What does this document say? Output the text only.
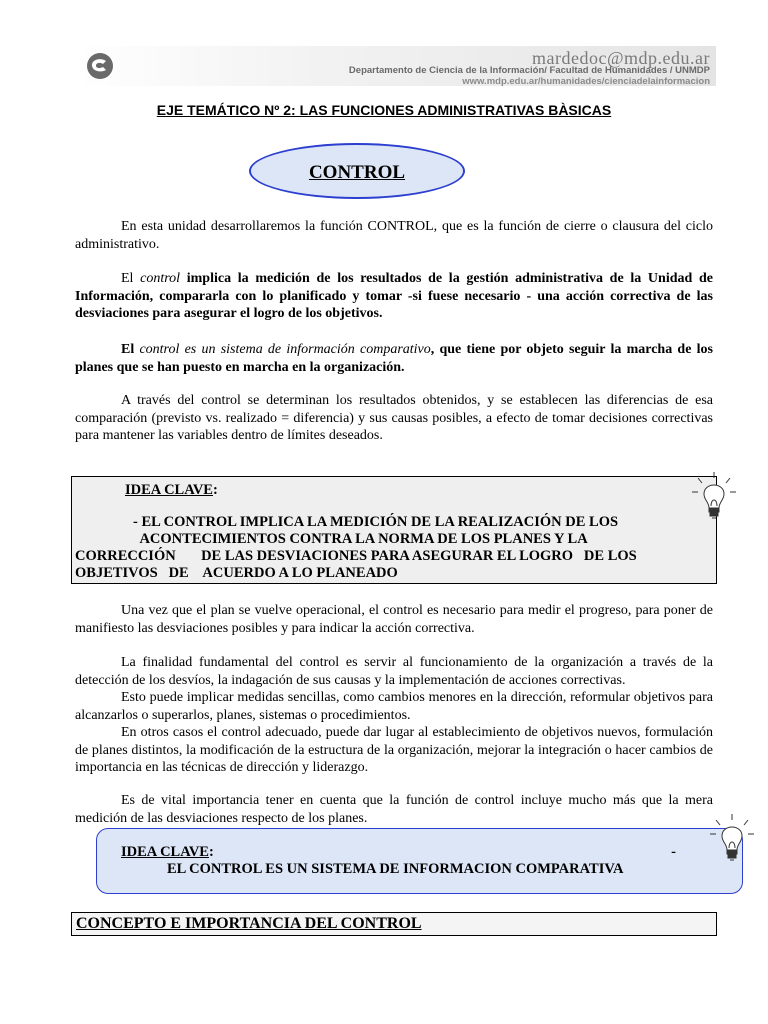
mardedoc@mdp.edu.ar
Departamento de Ciencia de la Información/ Facultad de Humanidades / UNMDP
www.mdp.edu.ar/humanidades/cienciadelainformacion
EJE TEMÁTICO Nº 2: LAS FUNCIONES ADMINISTRATIVAS BÀSICAS
CONTROL
En esta unidad desarrollaremos la función CONTROL, que es la función de cierre o clausura del ciclo administrativo.
El control implica la medición de los resultados de la gestión administrativa de la Unidad de Información, compararla con lo planificado y tomar -si fuese necesario - una acción correctiva de las desviaciones para asegurar el logro de los objetivos.
El control es un sistema de información comparativo, que tiene por objeto seguir la marcha de los planes que se han puesto en marcha en la organización.
A través del control se determinan los resultados obtenidos, y se establecen las diferencias de esa comparación (previsto vs. realizado = diferencia) y sus causas posibles, a efecto de tomar decisiones correctivas para mantener las variables dentro de límites deseados.
IDEA CLAVE:
- EL CONTROL IMPLICA LA MEDICIÓN DE LA REALIZACIÓN DE LOS
ACONTECIMIENTOS CONTRA LA NORMA DE LOS PLANES Y LA
CORRECCIÓN       DE LAS DESVIACIONES PARA ASEGURAR EL LOGRO   DE LOS
OBJETIVOS   DE    ACUERDO A LO PLANEADO
Una vez que el plan se vuelve operacional, el control es necesario para medir el progreso, para poner de manifiesto las desviaciones posibles y para indicar la acción correctiva.
La finalidad fundamental del control es servir al funcionamiento de la organización a través de la detección de los desvíos, la indagación de sus causas y la implementación de acciones correctivas.
Esto puede implicar medidas sencillas, como cambios menores en la dirección, reformular objetivos para alcanzarlos o superarlos, planes, sistemas o procedimientos.
En otros casos el control adecuado, puede dar lugar al establecimiento de objetivos nuevos, formulación de planes distintos, la modificación de la estructura de la organización, mejorar la integración o hacer cambios de importancia en las técnicas de dirección y liderazgo.
Es de vital importancia tener en cuenta que la función de control incluye mucho más que la mera medición de las desviaciones respecto de los planes.
IDEA CLAVE:	-
EL CONTROL ES UN SISTEMA DE INFORMACION COMPARATIVA
CONCEPTO E IMPORTANCIA DEL CONTROL
